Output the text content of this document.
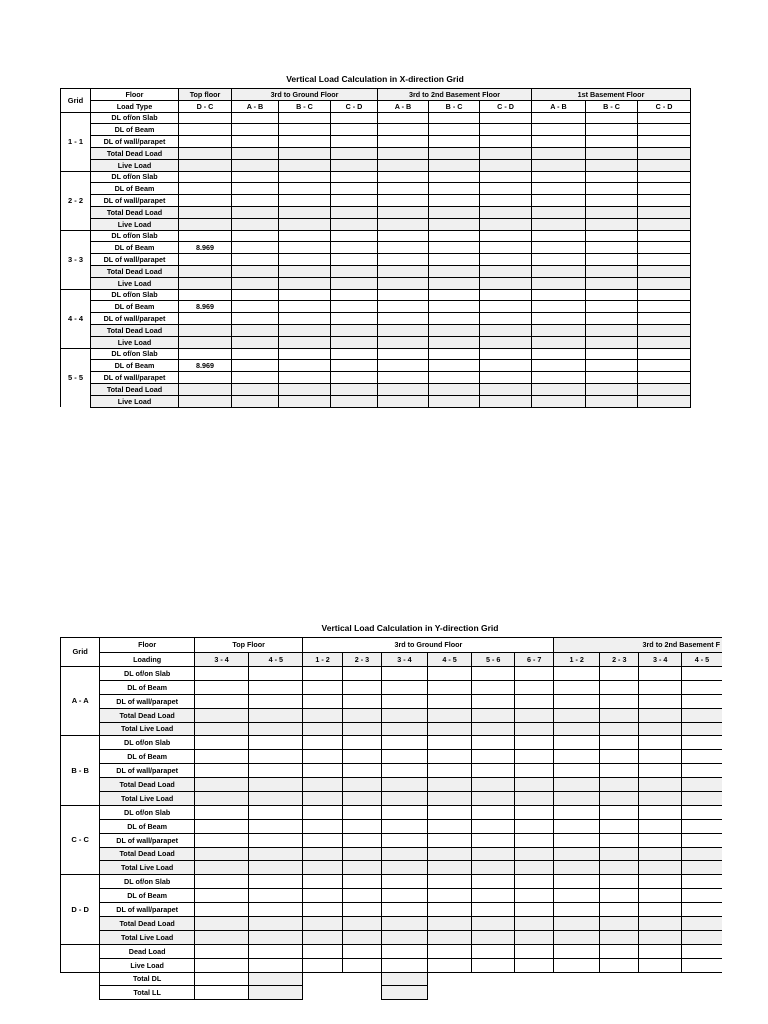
Vertical Load Calculation in X-direction Grid
Grid	Floor	Top floor	3rd to Ground Floor			3rd to 2nd Basement Floor			1st Basement Floor		
	Load Type	D - C	A - B	B - C	C - D	A - B	B - C	C - D	A - B	B - C	C - D
1 - 1	DL of/on Slab										
	DL of Beam										
	DL of wall/parapet										
	Total Dead Load										
	Live Load										
2 - 2	DL of/on Slab										
	DL of Beam										
	DL of wall/parapet										
	Total Dead Load										
	Live Load										
3 - 3	DL of/on Slab										
	DL of Beam	8.969									
	DL of wall/parapet										
	Total Dead Load										
	Live Load										
4 - 4	DL of/on Slab										
	DL of Beam	8.969									
	DL of wall/parapet										
	Total Dead Load										
	Live Load										
5 - 5	DL of/on Slab										
	DL of Beam	8.969									
	DL of wall/parapet										
	Total Dead Load										
	Live Load										
Vertical Load Calculation in Y-direction Grid
Grid	Floor	Top Floor		3rd to Ground Floor						3rd to 2nd Basement F			
	Loading	3 - 4	4 - 5	1 - 2	2 - 3	3 - 4	4 - 5	5 - 6	6 - 7	1 - 2	2 - 3	3 - 4	4 - 5
A - A	DL of/on Slab												
	DL of Beam												
	DL of wall/parapet												
	Total Dead Load												
	Total Live Load												
B - B	DL of/on Slab												
	DL of Beam												
	DL of wall/parapet												
	Total Dead Load												
	Total Live Load												
C - C	DL of/on Slab												
	DL of Beam												
	DL of wall/parapet												
	Total Dead Load												
	Total Live Load												
D - D	DL of/on Slab												
	DL of Beam												
	DL of wall/parapet												
	Total Dead Load												
	Total Live Load												
	Dead Load												
	Live Load												
	Total DL												
	Total LL												
